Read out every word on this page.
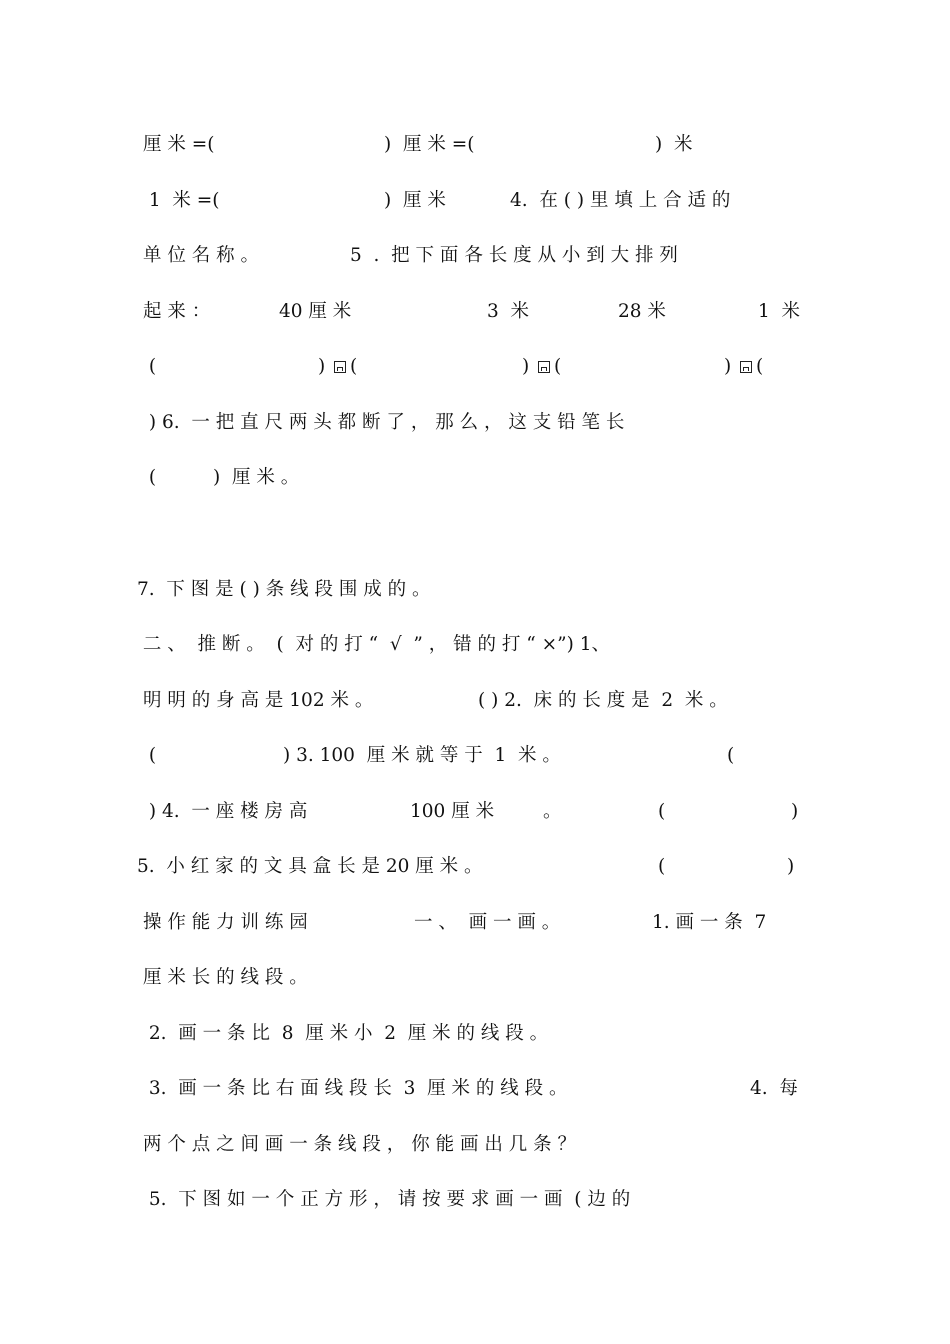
厘 米 =(

	)  厘 米 =(

	)  米

1  米 =(

	)  厘 米

	4.  在 ( ) 里 填 上 合 适 的

单 位 名 称 。

	5  .  把 下 面 各 长 度 从 小 到 大 排 列

起 来 ：

	40 厘 米

	3  米

	28 米

	1  米

(

	)

(

	)

(

	)

(

) 6.  一 把 直 尺 两 头 都 断 了 ， 那 么 ， 这 支 铅 笔 长

(

	)  厘 米 。

7.  下 图 是 ( ) 条 线 段 围 成 的 。

二 、  推 断 。  (  对 的 打 “  √  ” ， 错 的 打 “ ×”) 1、

明 明 的 身 高 是 102 米 。

	( ) 2.  床 的 长 度 是  2  米 。

(

	) 3. 100  厘 米 就 等 于  1  米 。

	(

) 4.  一 座 楼 房 高

	100 厘 米

	。

	(

	)

5.  小 红 家 的 文 具 盒 长 是 20 厘 米 。

	(

	)

操 作 能 力 训 练 园

	一 、  画 一 画 。

	1. 画 一 条  7

厘 米 长 的 线 段 。

2.  画 一 条 比  8  厘 米 小  2  厘 米 的 线 段 。

3.  画 一 条 比 右 面 线 段 长  3  厘 米 的 线 段 。

	4.  每

两 个 点 之 间 画 一 条 线 段 ， 你 能 画 出 几 条 ？

5.  下 图 如 一 个 正 方 形 ， 请 按 要 求 画 一 画  ( 边 的
